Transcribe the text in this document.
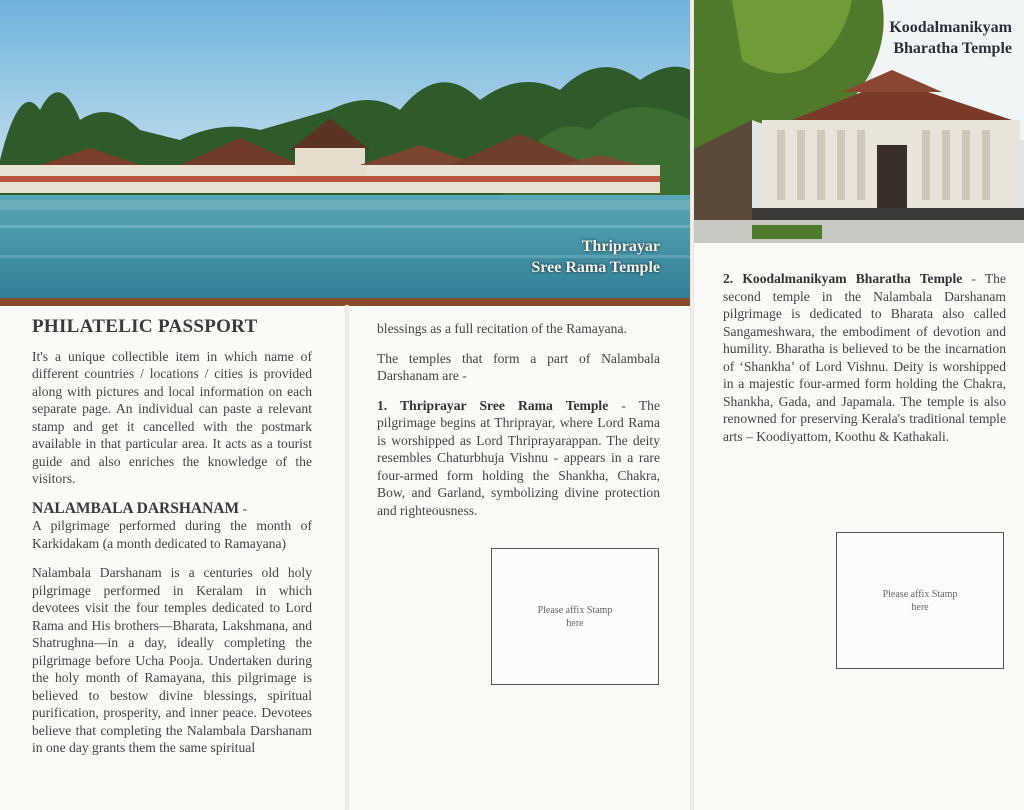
Thriprayar
Sree Rama Temple
Koodalmanikyam
Bharatha Temple
PHILATELIC PASSPORT

It's a unique collectible item in which name of different countries / locations / cities is provided along with pictures and local information on each separate page. An individual can paste a relevant stamp and get it cancelled with the postmark available in that particular area. It acts as a tourist guide and also enriches the knowledge of the visitors.

NALAMBALA DARSHANAM -

A pilgrimage performed during the month of Karkidakam (a month dedicated to Ramayana)

Nalambala Darshanam is a centuries old holy pilgrimage performed in Keralam in which devotees visit the four temples dedicated to Lord Rama and His brothers—Bharata, Lakshmana, and Shatrughna—in a day, ideally completing the pilgrimage before Ucha Pooja. Undertaken during the holy month of Ramayana, this pilgrimage is believed to bestow divine blessings, spiritual purification, prosperity, and inner peace. Devotees believe that completing the Nalambala Darshanam in one day grants them the same spiritual

blessings as a full recitation of the Ramayana.

The temples that form a part of Nalambala Darshanam are -

1. Thriprayar Sree Rama Temple - The pilgrimage begins at Thriprayar, where Lord Rama is worshipped as Lord Thriprayarappan. The deity resembles Chaturbhuja Vishnu - appears in a rare four-armed form holding the Shankha, Chakra, Bow, and Garland, symbolizing divine protection and righteousness.

Please affix Stamp here

2. Koodalmanikyam Bharatha Temple - The second temple in the Nalambala Darshanam pilgrimage is dedicated to Bharata also called Sangameshwara, the embodiment of devotion and humility. Bharatha is believed to be the incarnation of ‘Shankha’ of Lord Vishnu. Deity is worshipped in a majestic four-armed form holding the Chakra, Shankha, Gada, and Japamala. The temple is also renowned for preserving Kerala's traditional temple arts – Koodiyattom, Koothu & Kathakali.

Please affix Stamp here
